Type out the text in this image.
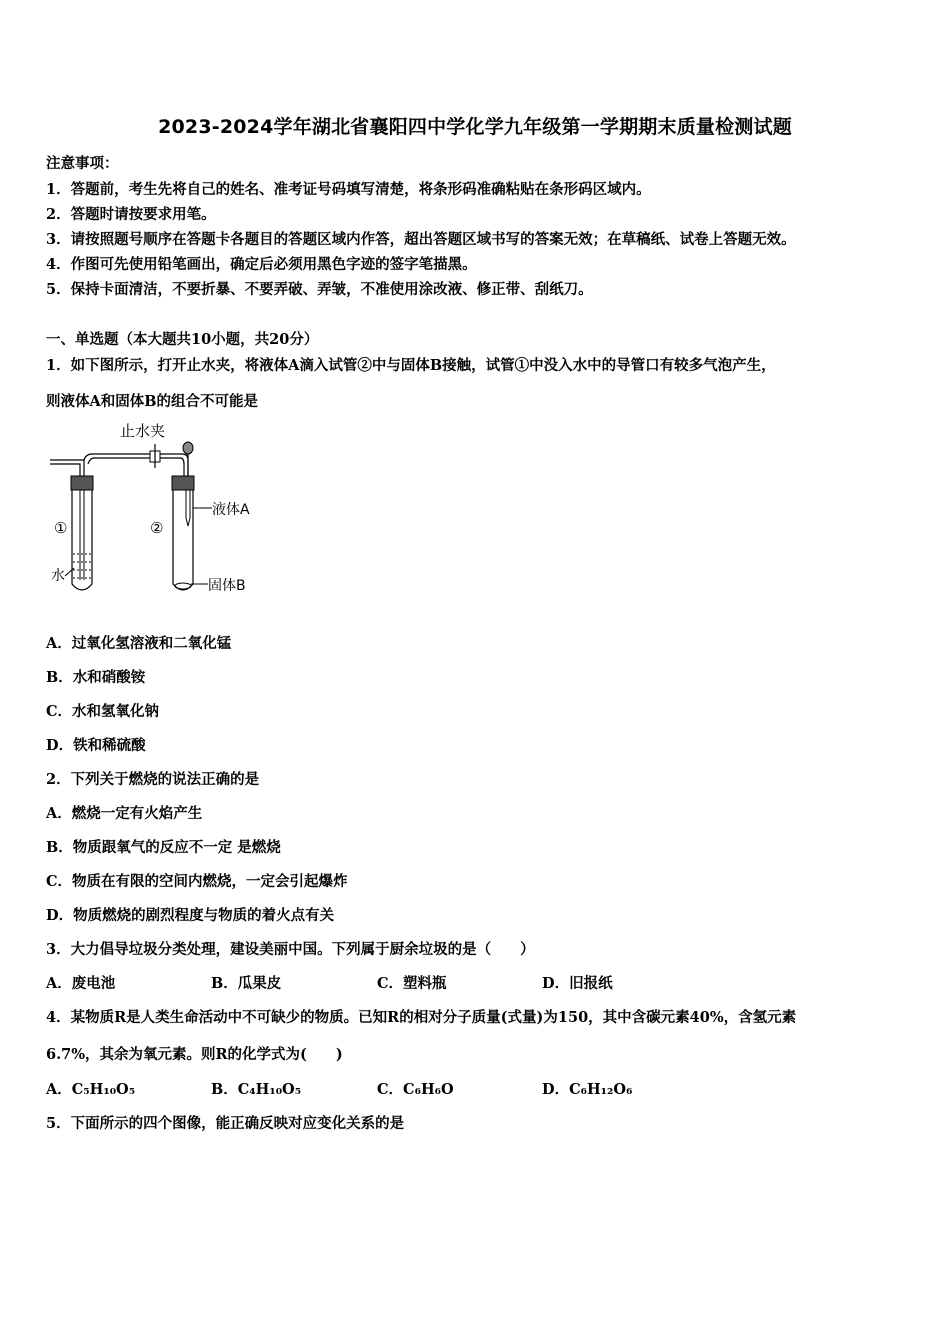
2023-2024学年湖北省襄阳四中学化学九年级第一学期期末质量检测试题
注意事项：
1．答题前，考生先将自己的姓名、准考证号码填写清楚，将条形码准确粘贴在条形码区域内。
2．答题时请按要求用笔。
3．请按照题号顺序在答题卡各题目的答题区域内作答，超出答题区域书写的答案无效；在草稿纸、试卷上答题无效。
4．作图可先使用铅笔画出，确定后必须用黑色字迹的签字笔描黑。
5．保持卡面清洁，不要折暴、不要弄破、弄皱，不准使用涂改液、修正带、刮纸刀。
一、单选题（本大题共10小题，共20分）
1．如下图所示，打开止水夹，将液体A滴入试管②中与固体B接触，试管①中没入水中的导管口有较多气泡产生，
则液体A和固体B的组合不可能是
止水夹
①
水
②
液体A
固体B
A．过氧化氢溶液和二氧化锰
B．水和硝酸铵
C．水和氢氧化钠
D．铁和稀硫酸
2．下列关于燃烧的说法正确的是
A．燃烧一定有火焰产生
B．物质跟氧气的反应不一定 是燃烧
C．物质在有限的空间内燃烧，一定会引起爆炸
D．物质燃烧的剧烈程度与物质的着火点有关
3．大力倡导垃圾分类处理，建设美丽中国。下列属于厨余垃圾的是（　　）
A．废电池	B．瓜果皮	C．塑料瓶	D．旧报纸
4．某物质R是人类生命活动中不可缺少的物质。已知R的相对分子质量(式量)为150，其中含碳元素40%，含氢元素
6.7%，其余为氧元素。则R的化学式为(　　)
A．C₅H₁₀O₅	B．C₄H₁₀O₅	C．C₆H₆O	D．C₆H₁₂O₆
5．下面所示的四个图像，能正确反映对应变化关系的是
